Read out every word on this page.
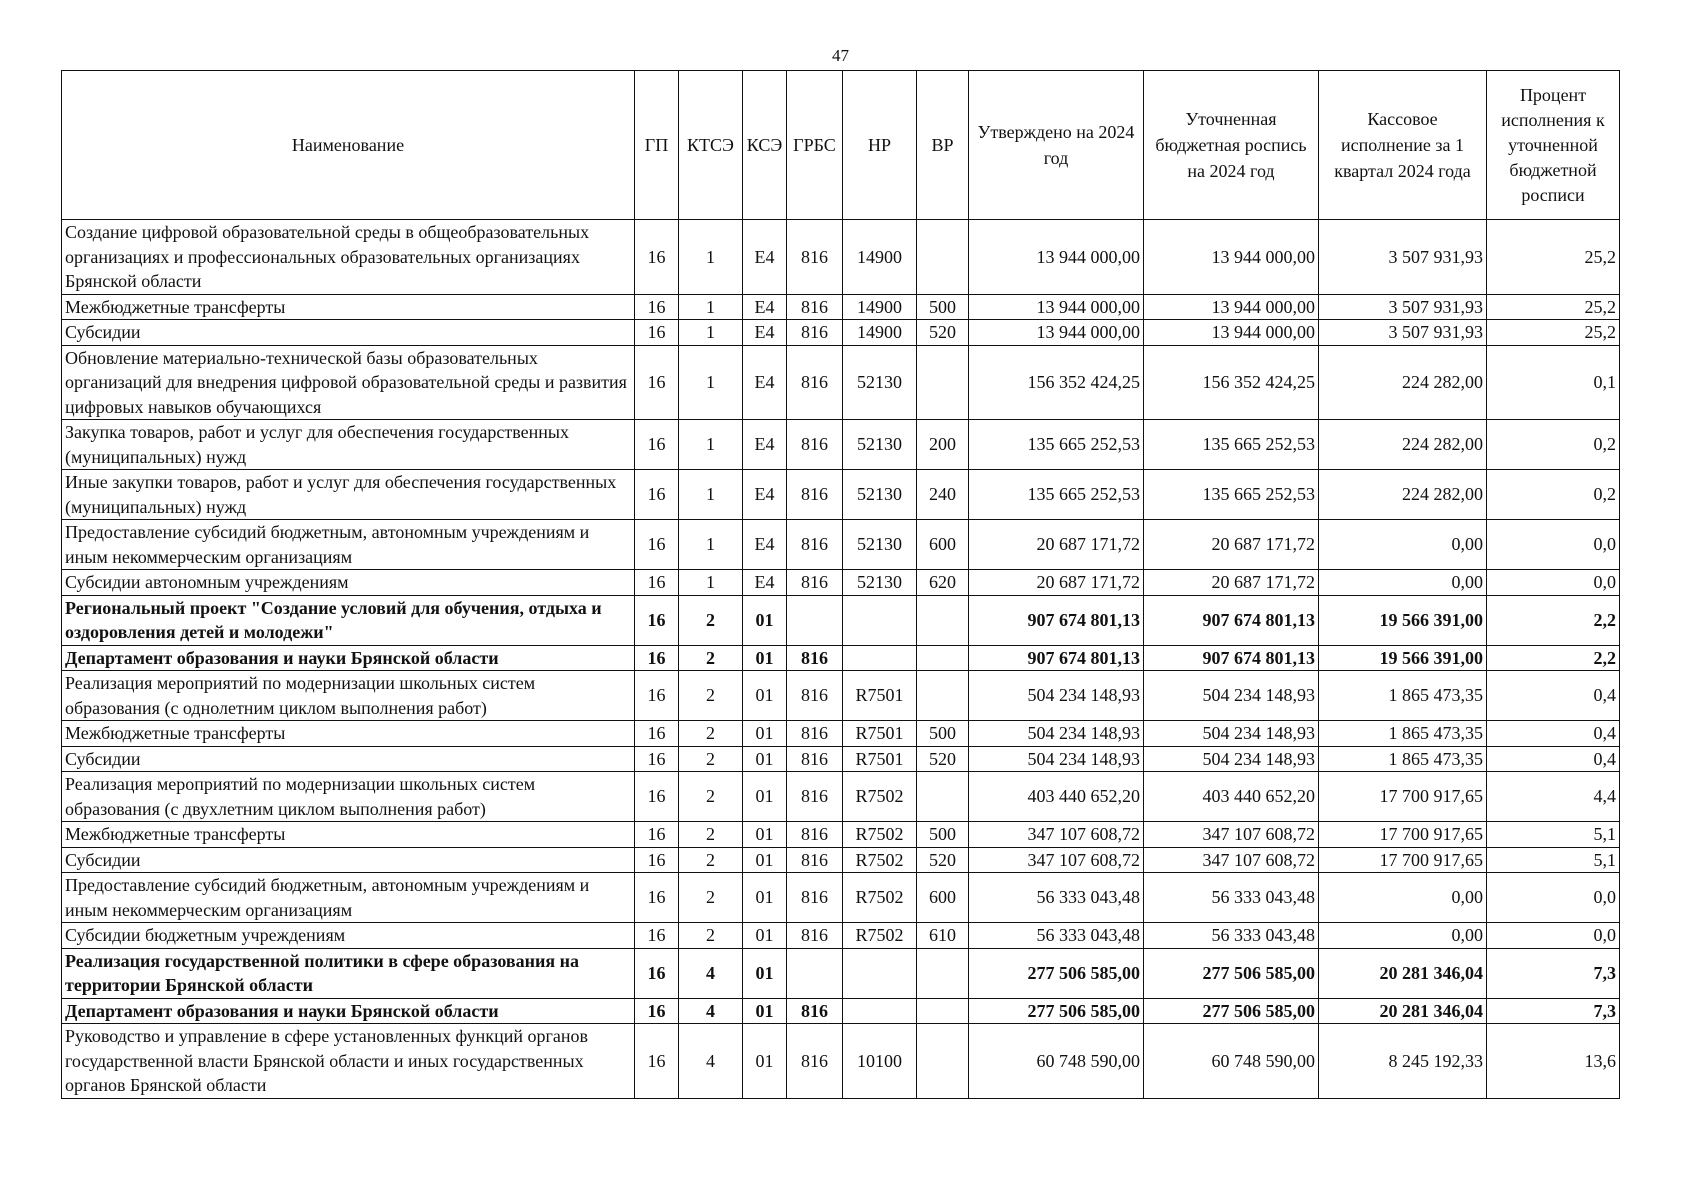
47
Наименование	ГП	КТСЭ	КСЭ	ГРБС	НР	ВР	Утверждено на 2024 год	Уточненная бюджетная роспись на 2024 год	Кассовое исполнение за 1 квартал 2024 года	Процент исполнения к уточненной бюджетной росписи
Создание цифровой образовательной среды в общеобразовательных организациях и профессиональных образовательных организациях Брянской области	16	1	Е4	816	14900		13 944 000,00	13 944 000,00	3 507 931,93	25,2
Межбюджетные трансферты	16	1	Е4	816	14900	500	13 944 000,00	13 944 000,00	3 507 931,93	25,2
Субсидии	16	1	Е4	816	14900	520	13 944 000,00	13 944 000,00	3 507 931,93	25,2
Обновление материально-технической базы образовательных организаций для внедрения цифровой образовательной среды и развития цифровых навыков обучающихся	16	1	Е4	816	52130		156 352 424,25	156 352 424,25	224 282,00	0,1
Закупка товаров, работ и услуг для обеспечения государственных (муниципальных) нужд	16	1	Е4	816	52130	200	135 665 252,53	135 665 252,53	224 282,00	0,2
Иные закупки товаров, работ и услуг для обеспечения государственных (муниципальных) нужд	16	1	Е4	816	52130	240	135 665 252,53	135 665 252,53	224 282,00	0,2
Предоставление субсидий бюджетным, автономным учреждениям и иным некоммерческим организациям	16	1	Е4	816	52130	600	20 687 171,72	20 687 171,72	0,00	0,0
Субсидии автономным учреждениям	16	1	Е4	816	52130	620	20 687 171,72	20 687 171,72	0,00	0,0
Региональный проект "Создание условий для обучения, отдыха и оздоровления детей и молодежи"	16	2	01				907 674 801,13	907 674 801,13	19 566 391,00	2,2
Департамент образования и науки Брянской области	16	2	01	816			907 674 801,13	907 674 801,13	19 566 391,00	2,2
Реализация мероприятий по модернизации школьных систем образования (с однолетним циклом выполнения работ)	16	2	01	816	R7501		504 234 148,93	504 234 148,93	1 865 473,35	0,4
Межбюджетные трансферты	16	2	01	816	R7501	500	504 234 148,93	504 234 148,93	1 865 473,35	0,4
Субсидии	16	2	01	816	R7501	520	504 234 148,93	504 234 148,93	1 865 473,35	0,4
Реализация мероприятий по модернизации школьных систем образования (с двухлетним циклом выполнения работ)	16	2	01	816	R7502		403 440 652,20	403 440 652,20	17 700 917,65	4,4
Межбюджетные трансферты	16	2	01	816	R7502	500	347 107 608,72	347 107 608,72	17 700 917,65	5,1
Субсидии	16	2	01	816	R7502	520	347 107 608,72	347 107 608,72	17 700 917,65	5,1
Предоставление субсидий бюджетным, автономным учреждениям и иным некоммерческим организациям	16	2	01	816	R7502	600	56 333 043,48	56 333 043,48	0,00	0,0
Субсидии бюджетным учреждениям	16	2	01	816	R7502	610	56 333 043,48	56 333 043,48	0,00	0,0
Реализация государственной политики в сфере образования на территории Брянской области	16	4	01				277 506 585,00	277 506 585,00	20 281 346,04	7,3
Департамент образования и науки Брянской области	16	4	01	816			277 506 585,00	277 506 585,00	20 281 346,04	7,3
Руководство и управление в сфере установленных функций органов государственной власти Брянской области и иных государственных органов Брянской области	16	4	01	816	10100		60 748 590,00	60 748 590,00	8 245 192,33	13,6
